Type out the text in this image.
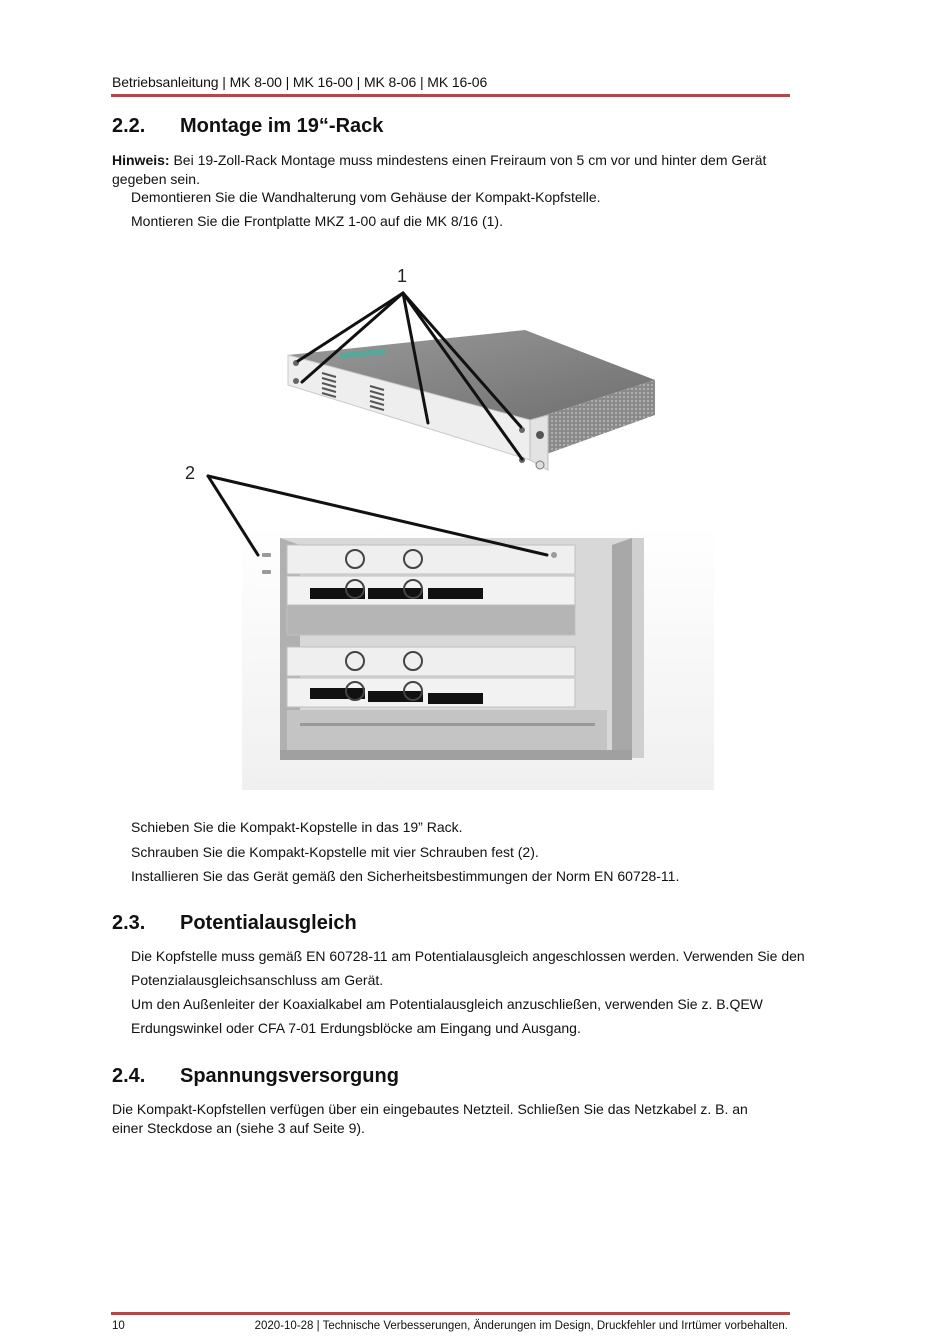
Betriebsanleitung | MK 8-00 | MK 16-00 | MK 8-06 | MK 16-06
2.2. Montage im 19“-Rack
Hinweis: Bei 19-Zoll-Rack Montage muss mindestens einen Freiraum von 5 cm vor und hinter dem Gerät gegeben sein.
Demontieren Sie die Wandhalterung vom Gehäuse der Kompakt-Kopfstelle.
Montieren Sie die Frontplatte MKZ 1-00 auf die MK 8/16 (1).
1
2
Schieben Sie die Kompakt-Kopstelle in das 19” Rack.
Schrauben Sie die Kompakt-Kopstelle mit vier Schrauben fest (2).
Installieren Sie das Gerät gemäß den Sicherheitsbestimmungen der Norm EN 60728-11.
2.3. Potentialausgleich
Die Kopfstelle muss gemäß EN 60728-11 am Potentialausgleich angeschlossen werden. Verwenden Sie den
Potenzialausgleichsanschluss am Gerät.
Um den Außenleiter der Koaxialkabel am Potentialausgleich anzuschließen, verwenden Sie z. B.QEW
Erdungswinkel oder CFA 7-01 Erdungsblöcke am Eingang und Ausgang.
2.4. Spannungsversorgung
Die Kompakt-Kopfstellen verfügen über ein eingebautes Netzteil. Schließen Sie das Netzkabel z. B. an einer Steckdose an (siehe 3 auf Seite 9).
10	2020-10-28 | Technische Verbesserungen, Änderungen im Design, Druckfehler und Irrtümer vorbehalten.
